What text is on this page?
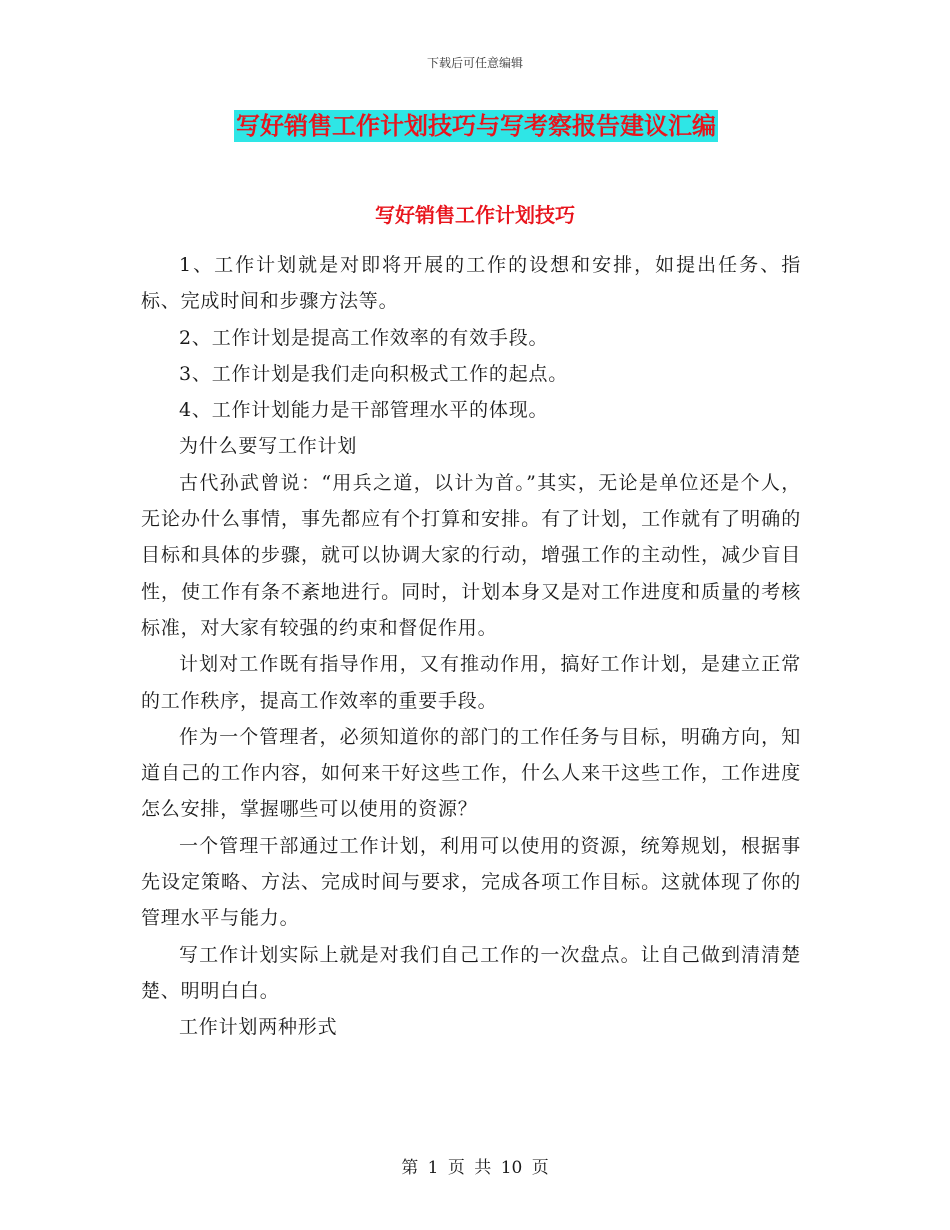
下载后可任意编辑
写好销售工作计划技巧与写考察报告建议汇编
写好销售工作计划技巧

1、工作计划就是对即将开展的工作的设想和安排，如提出任务、指标、完成时间和步骤方法等。

2、工作计划是提高工作效率的有效手段。

3、工作计划是我们走向积极式工作的起点。

4、工作计划能力是干部管理水平的体现。

为什么要写工作计划

古代孙武曾说：“用兵之道，以计为首。”其实，无论是单位还是个人，无论办什么事情，事先都应有个打算和安排。有了计划，工作就有了明确的目标和具体的步骤，就可以协调大家的行动，增强工作的主动性，减少盲目性，使工作有条不紊地进行。同时，计划本身又是对工作进度和质量的考核标准，对大家有较强的约束和督促作用。

计划对工作既有指导作用，又有推动作用，搞好工作计划，是建立正常的工作秩序，提高工作效率的重要手段。

作为一个管理者，必须知道你的部门的工作任务与目标，明确方向，知道自己的工作内容，如何来干好这些工作，什么人来干这些工作，工作进度怎么安排，掌握哪些可以使用的资源？

一个管理干部通过工作计划，利用可以使用的资源，统筹规划，根据事先设定策略、方法、完成时间与要求，完成各项工作目标。这就体现了你的管理水平与能力。

写工作计划实际上就是对我们自己工作的一次盘点。让自己做到清清楚楚、明明白白。

工作计划两种形式

第 1 页 共 10 页
